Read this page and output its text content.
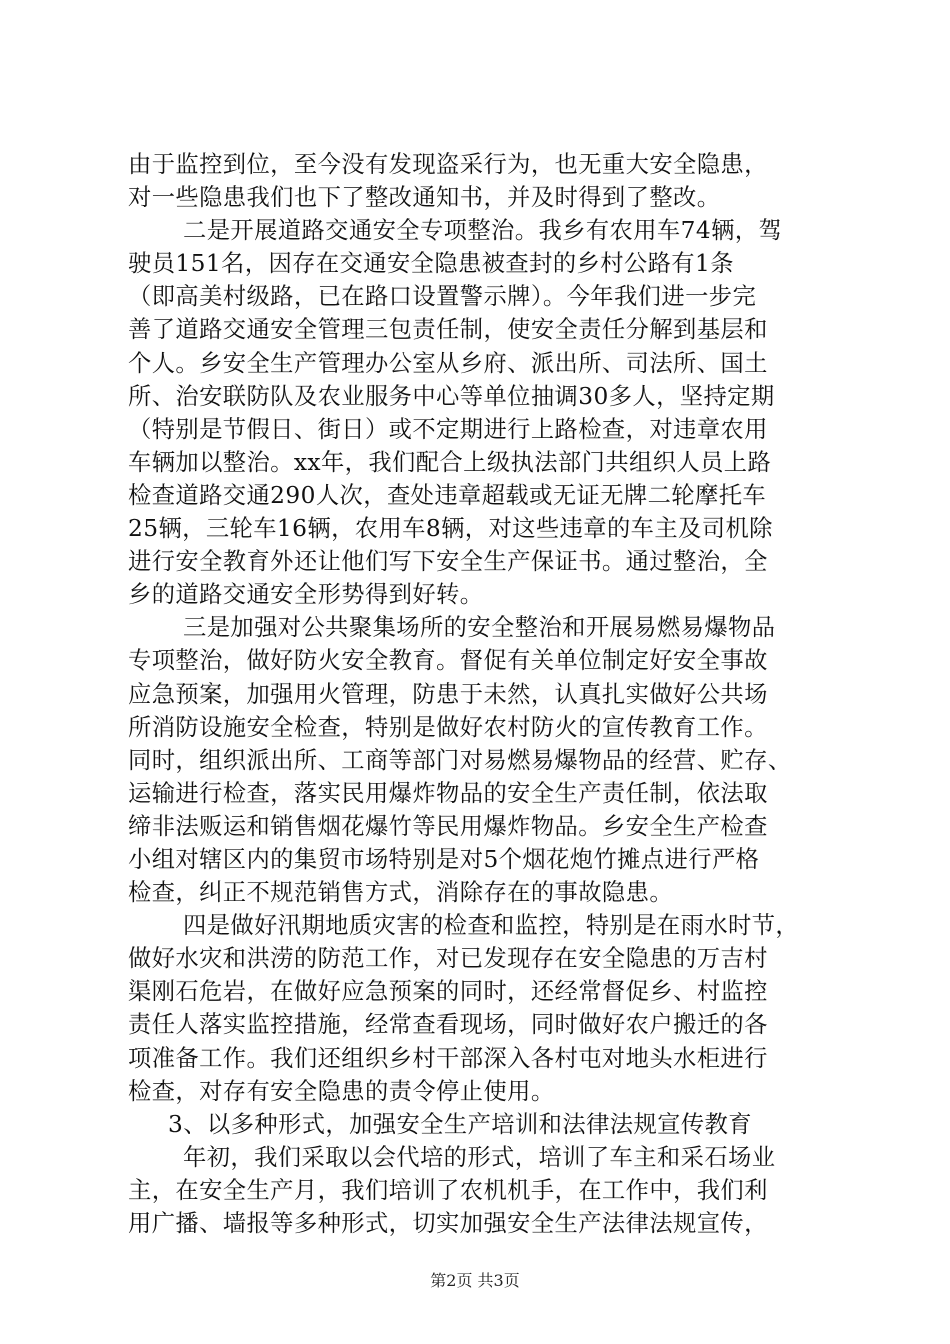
由于监控到位，至今没有发现盗采行为，也无重大安全隐患，
对一些隐患我们也下了整改通知书，并及时得到了整改。
二是开展道路交通安全专项整治。我乡有农用车74辆，驾
驶员151名，因存在交通安全隐患被查封的乡村公路有1条
（即高美村级路，已在路口设置警示牌）。今年我们进一步完
善了道路交通安全管理三包责任制，使安全责任分解到基层和
个人。乡安全生产管理办公室从乡府、派出所、司法所、国土
所、治安联防队及农业服务中心等单位抽调30多人，坚持定期
（特别是节假日、街日）或不定期进行上路检查，对违章农用
车辆加以整治。xx年，我们配合上级执法部门共组织人员上路
检查道路交通290人次，查处违章超载或无证无牌二轮摩托车
25辆，三轮车16辆，农用车8辆，对这些违章的车主及司机除
进行安全教育外还让他们写下安全生产保证书。通过整治，全
乡的道路交通安全形势得到好转。
三是加强对公共聚集场所的安全整治和开展易燃易爆物品
专项整治，做好防火安全教育。督促有关单位制定好安全事故
应急预案，加强用火管理，防患于未然，认真扎实做好公共场
所消防设施安全检查，特别是做好农村防火的宣传教育工作。
同时，组织派出所、工商等部门对易燃易爆物品的经营、贮存、
运输进行检查，落实民用爆炸物品的安全生产责任制，依法取
缔非法贩运和销售烟花爆竹等民用爆炸物品。乡安全生产检查
小组对辖区内的集贸市场特别是对5个烟花炮竹摊点进行严格
检查，纠正不规范销售方式，消除存在的事故隐患。
四是做好汛期地质灾害的检查和监控，特别是在雨水时节，
做好水灾和洪涝的防范工作，对已发现存在安全隐患的万吉村
渠刚石危岩，在做好应急预案的同时，还经常督促乡、村监控
责任人落实监控措施，经常查看现场，同时做好农户搬迁的各
项准备工作。我们还组织乡村干部深入各村屯对地头水柜进行
检查，对存有安全隐患的责令停止使用。
3、以多种形式，加强安全生产培训和法律法规宣传教育
年初，我们采取以会代培的形式，培训了车主和采石场业
主，在安全生产月，我们培训了农机机手，在工作中，我们利
用广播、墙报等多种形式，切实加强安全生产法律法规宣传，
第2页 共3页
